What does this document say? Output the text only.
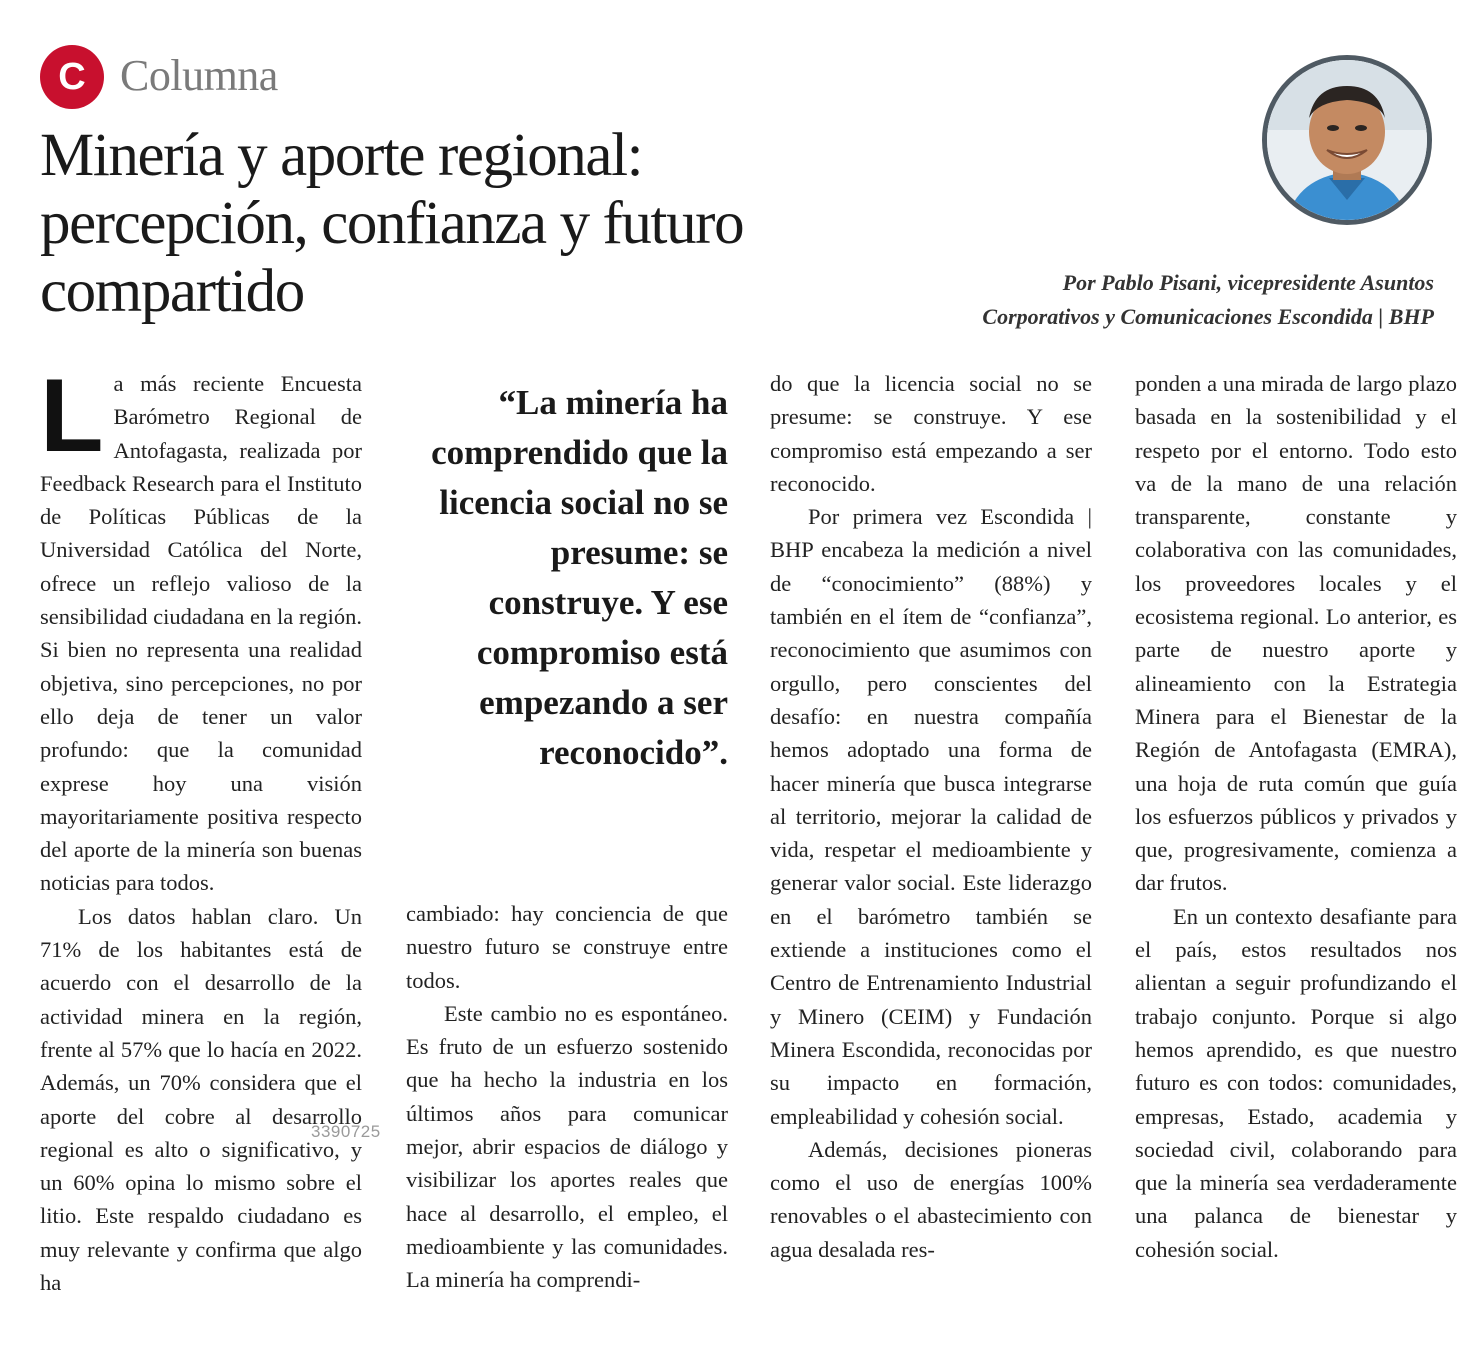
C Columna
Minería y aporte regional: percepción, confianza y futuro compartido	Por Pablo Pisani, vicepresidente Asuntos
Corporativos y Comunicaciones Escondida | BHP
L a más reciente Encuesta Barómetro Regional de Antofagasta, realizada por Feedback Research para el Instituto de Políticas Públicas de la Universidad Católica del Norte, ofrece un reflejo valioso de la sensibilidad ciudadana en la región. Si bien no representa una realidad objetiva, sino percepciones, no por ello deja de tener un valor profundo: que la comunidad exprese hoy una visión mayoritariamente positiva respecto del aporte de la minería son buenas noticias para todos.

Los datos hablan claro. Un 71% de los habitantes está de acuerdo con el desarrollo de la actividad minera en la región, frente al 57% que lo hacía en 2022. Además, un 70% considera que el aporte del cobre al desarrollo regional es alto o significativo, y un 60% opina lo mismo sobre el litio. Este respaldo ciudadano es muy relevante y confirma que algo ha

“La minería ha comprendido que la licencia social no se presume: se construye. Y ese compromiso está empezando a ser reconocido”.

cambiado: hay conciencia de que nuestro futuro se construye entre todos.

Este cambio no es espontáneo. Es fruto de un esfuerzo sostenido que ha hecho la industria en los últimos años para comunicar mejor, abrir espacios de diálogo y visibilizar los aportes reales que hace al desarrollo, el empleo, el medioambiente y las comunidades. La minería ha comprendi-

do que la licencia social no se presume: se construye. Y ese compromiso está empezando a ser reconocido.

Por primera vez Escondida | BHP encabeza la medición a nivel de “conocimiento” (88%) y también en el ítem de “confianza”, reconocimiento que asumimos con orgullo, pero conscientes del desafío: en nuestra compañía hemos adoptado una forma de hacer minería que busca integrarse al territorio, mejorar la calidad de vida, respetar el medioambiente y generar valor social. Este liderazgo en el barómetro también se extiende a instituciones como el Centro de Entrenamiento Industrial y Minero (CEIM) y Fundación Minera Escondida, reconocidas por su impacto en formación, empleabilidad y cohesión social.

Además, decisiones pioneras como el uso de energías 100% renovables o el abastecimiento con agua desalada res-

ponden a una mirada de largo plazo basada en la sostenibilidad y el respeto por el entorno. Todo esto va de la mano de una relación transparente, constante y colaborativa con las comunidades, los proveedores locales y el ecosistema regional. Lo anterior, es parte de nuestro aporte y alineamiento con la Estrategia Minera para el Bienestar de la Región de Antofagasta (EMRA), una hoja de ruta común que guía los esfuerzos públicos y privados y que, progresivamente, comienza a dar frutos.

En un contexto desafiante para el país, estos resultados nos alientan a seguir profundizando el trabajo conjunto. Porque si algo hemos aprendido, es que nuestro futuro es con todos: comunidades, empresas, Estado, academia y sociedad civil, colaborando para que la minería sea verdaderamente una palanca de bienestar y cohesión social.

3390725
